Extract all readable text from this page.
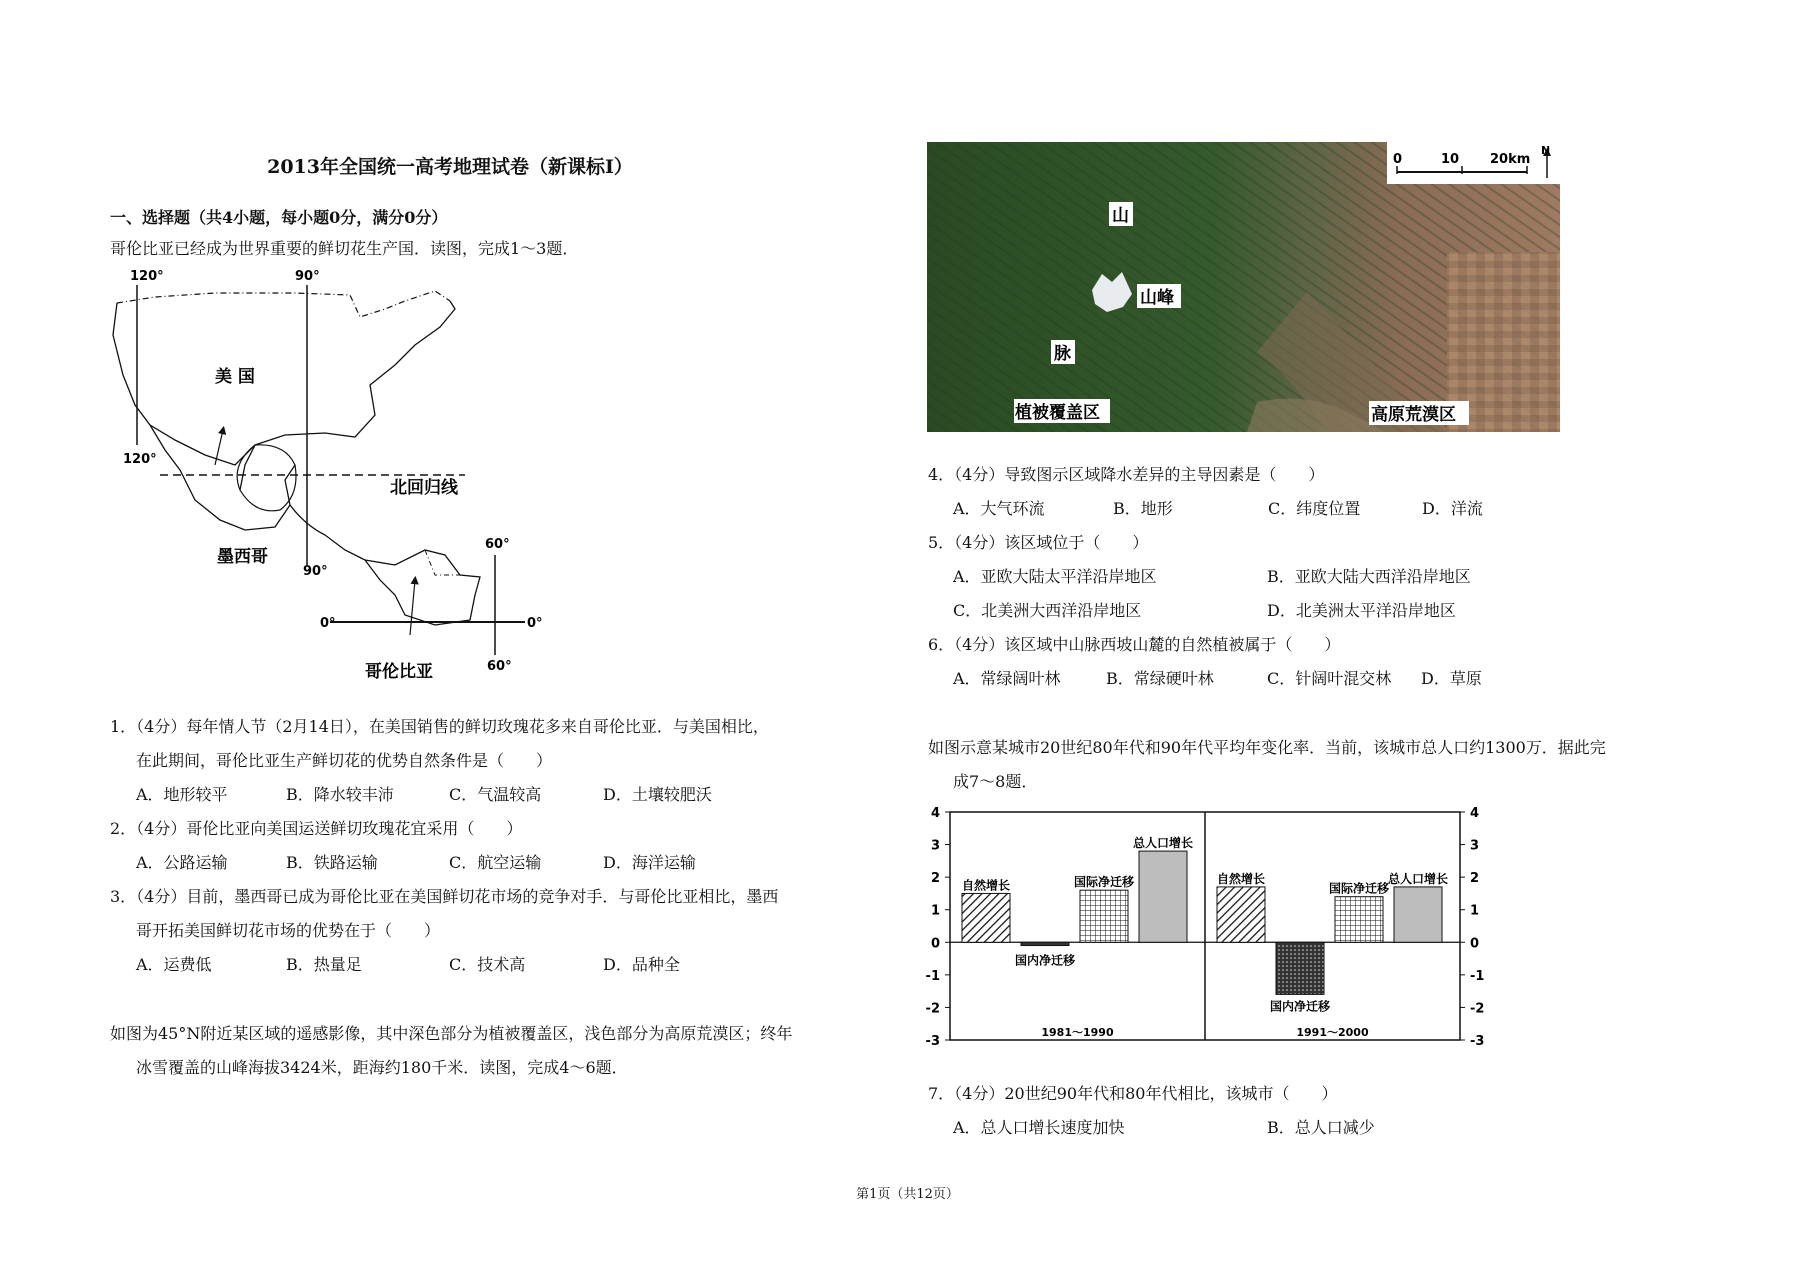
2013年全国统一高考地理试卷（新课标Ⅰ）
一、选择题（共4小题，每小题0分，满分0分）
哥伦比亚已经成为世界重要的鲜切花生产国．读图，完成1～3题．
120°	90°
120°
90°
60°
60°
0°	0°
美 国
北回归线
墨西哥
哥伦比亚
1．（4分）每年情人节（2月14日），在美国销售的鲜切玫瑰花多来自哥伦比亚．与美国相比，
在此期间，哥伦比亚生产鲜切花的优势自然条件是（　　）
A．地形较平	B．降水较丰沛	C．气温较高	D．土壤较肥沃
2．（4分）哥伦比亚向美国运送鲜切玫瑰花宜采用（　　）
A．公路运输	B．铁路运输	C．航空运输	D．海洋运输
3．（4分）目前，墨西哥已成为哥伦比亚在美国鲜切花市场的竞争对手．与哥伦比亚相比，墨西
哥开拓美国鲜切花市场的优势在于（　　）
A．运费低	B．热量足	C．技术高	D．品种全
如图为45°N附近某区域的遥感影像，其中深色部分为植被覆盖区，浅色部分为高原荒漠区；终年
冰雪覆盖的山峰海拔3424米，距海约180千米．读图，完成4～6题．
0	10 20km
N
山
脉
山峰
植被覆盖区	高原荒漠区
4．（4分）导致图示区域降水差异的主导因素是（　　）
A．大气环流	B．地形	C．纬度位置	D．洋流
5．（4分）该区域位于（　　）
A．亚欧大陆太平洋沿岸地区	B．亚欧大陆大西洋沿岸地区
C．北美洲大西洋沿岸地区	D．北美洲太平洋沿岸地区
6．（4分）该区域中山脉西坡山麓的自然植被属于（　　）
A．常绿阔叶林	B．常绿硬叶林	C．针阔叶混交林	D．草原
如图示意某城市20世纪80年代和90年代平均年变化率．当前，该城市总人口约1300万．据此完
成7～8题．
4	4
3	3
2	2
1	1
0	0
-1	-1
-2	-2
-3	-3
自然增长
国内净迁移
国际净迁移
总人口增长
1981～1990
自然增长
国内净迁移
国际净迁移
总人口增长
1991～2000
7．（4分）20世纪90年代和80年代相比，该城市（　　）
A．总人口增长速度加快	B．总人口减少
第1页（共12页）
